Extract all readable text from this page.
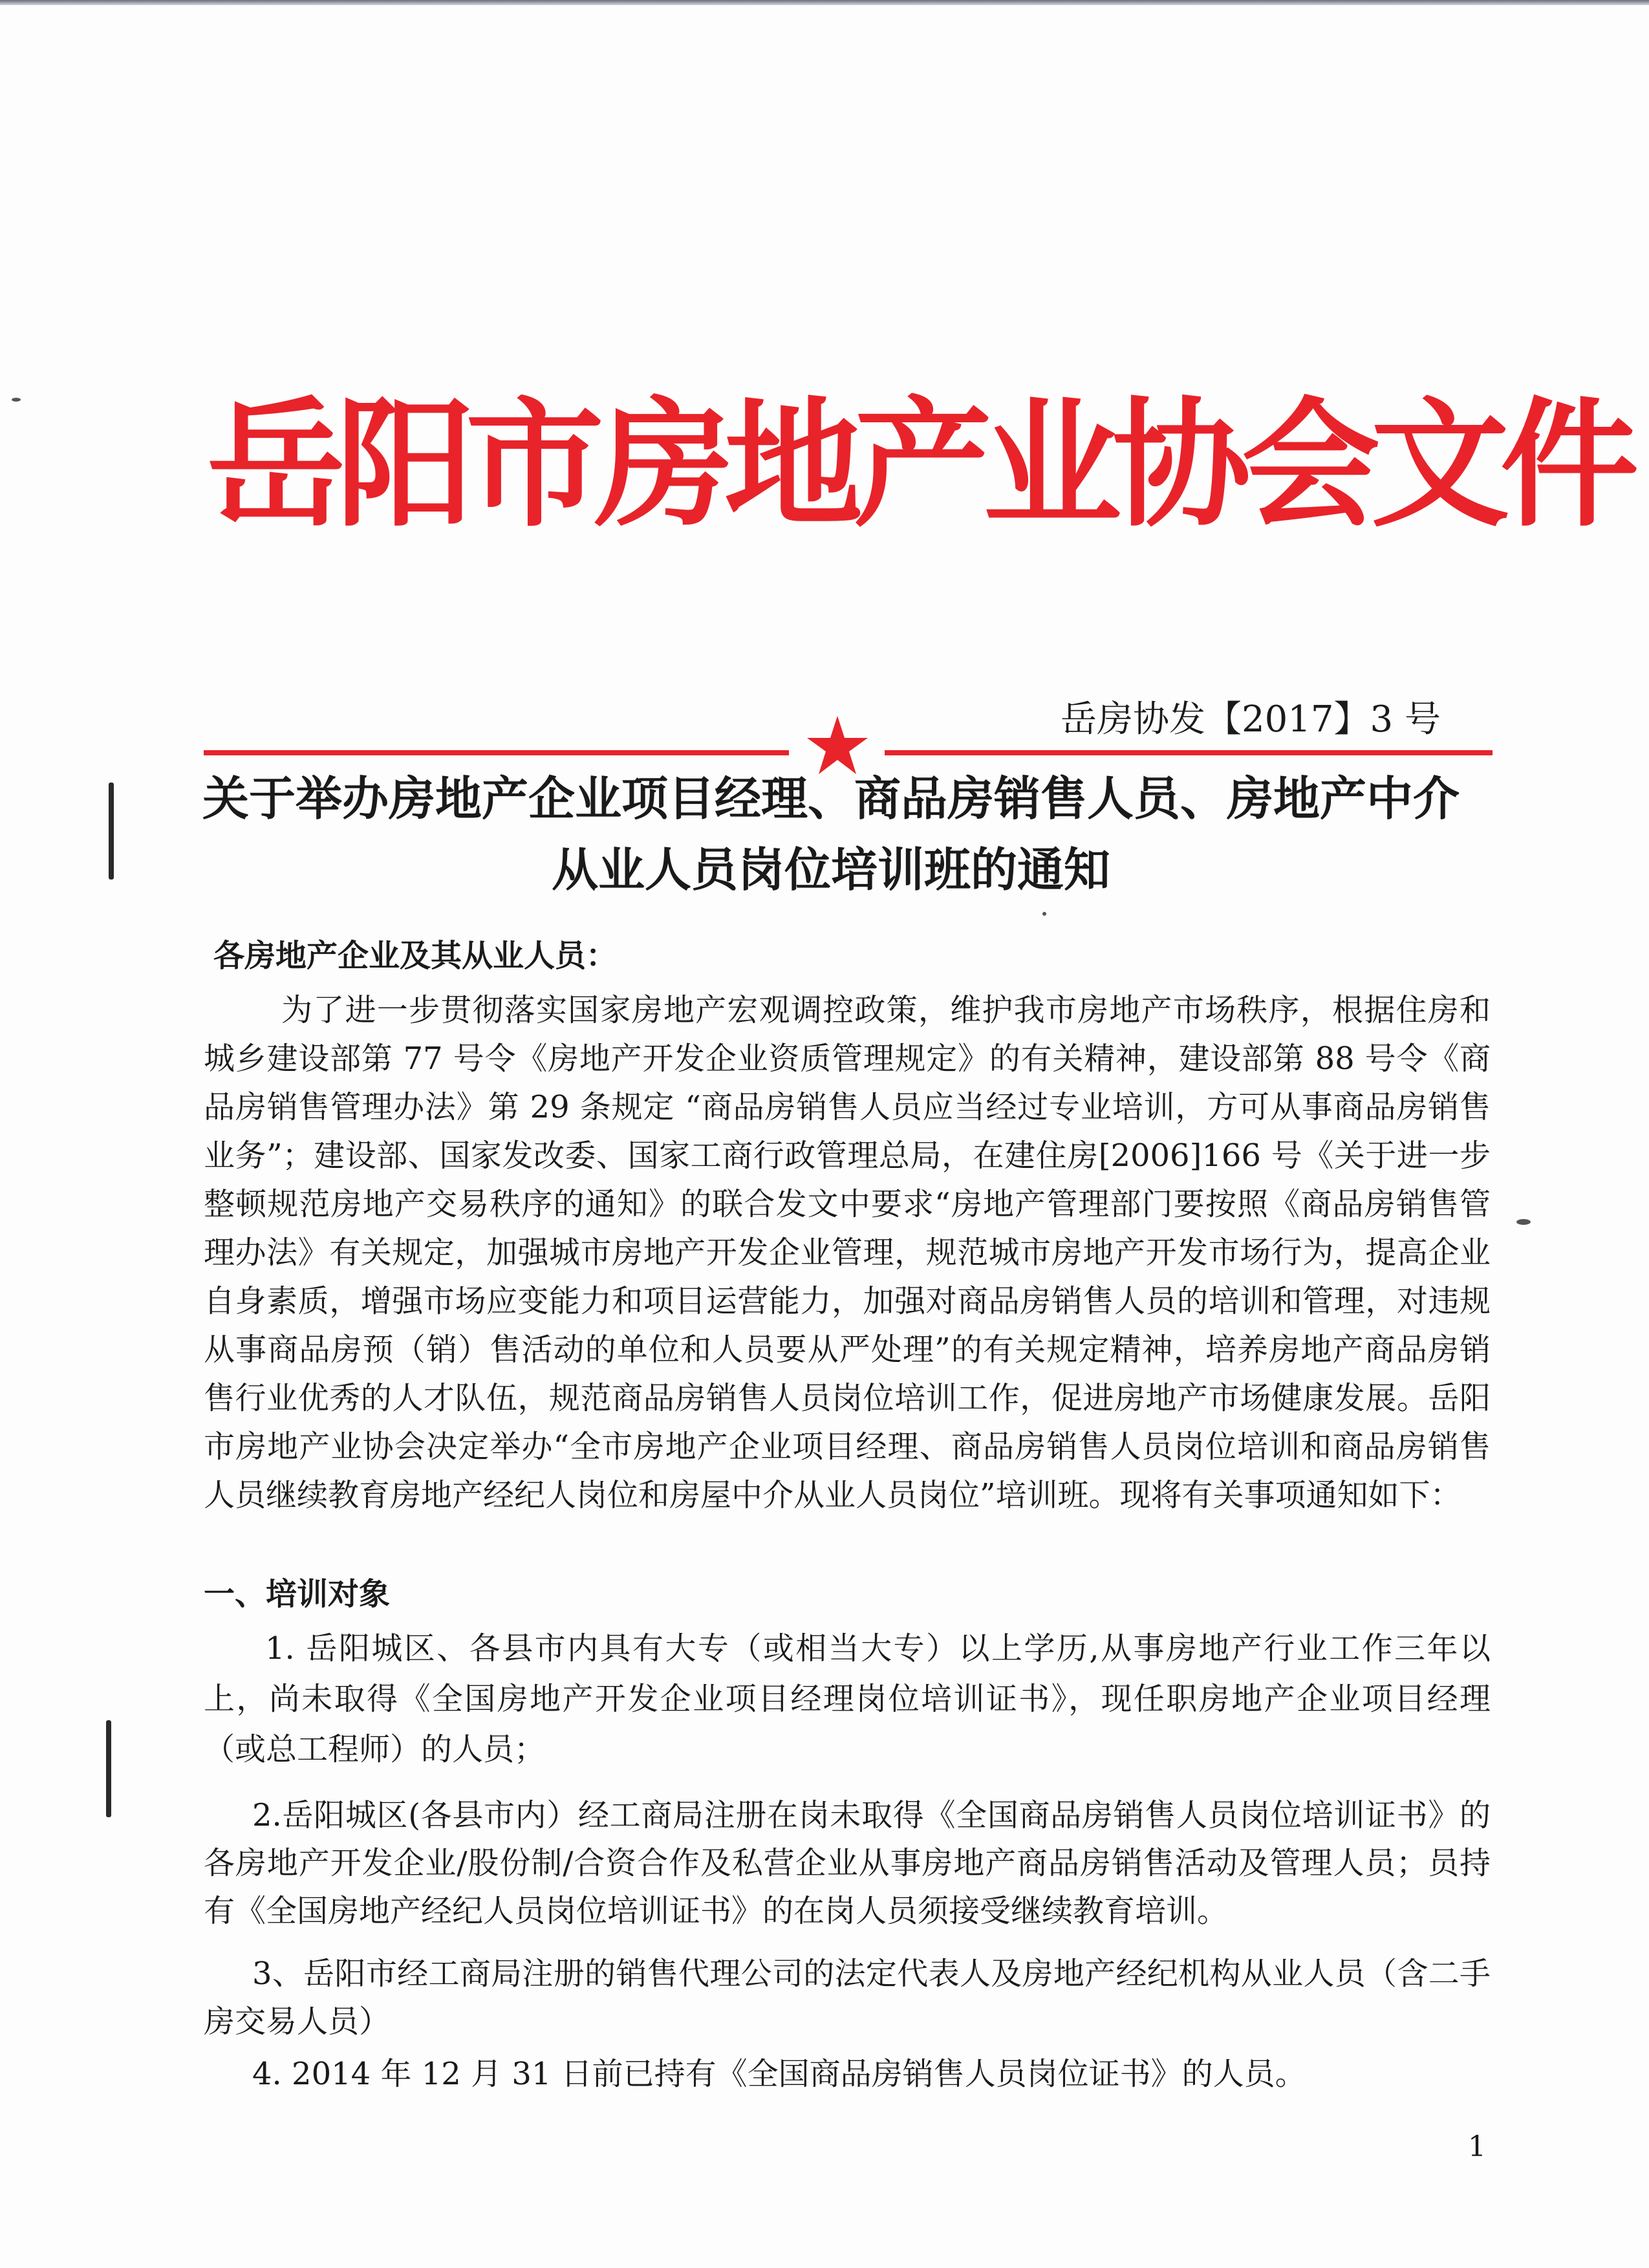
岳阳市房地产业协会文件
岳房协发【2017】3 号
关于举办房地产企业项目经理、商品房销售人员、房地产中介
从业人员岗位培训班的通知
各房地产企业及其从业人员：
为了进一步贯彻落实国家房地产宏观调控政策，维护我市房地产市场秩序，根据住房和城乡建设部第 77 号令《房地产开发企业资质管理规定》的有关精神，建设部第 88 号令《商品房销售管理办法》第 29 条规定 “商品房销售人员应当经过专业培训，方可从事商品房销售业务”；建设部、国家发改委、国家工商行政管理总局，在建住房[2006]166 号《关于进一步整顿规范房地产交易秩序的通知》的联合发文中要求“房地产管理部门要按照《商品房销售管理办法》有关规定，加强城市房地产开发企业管理，规范城市房地产开发市场行为，提高企业自身素质，增强市场应变能力和项目运营能力，加强对商品房销售人员的培训和管理，对违规从事商品房预（销）售活动的单位和人员要从严处理”的有关规定精神，培养房地产商品房销售行业优秀的人才队伍，规范商品房销售人员岗位培训工作，促进房地产市场健康发展。岳阳市房地产业协会决定举办“全市房地产企业项目经理、商品房销售人员岗位培训和商品房销售人员继续教育房地产经纪人岗位和房屋中介从业人员岗位”培训班。现将有关事项通知如下：
一、培训对象
1. 岳阳城区、各县市内具有大专（或相当大专）以上学历,从事房地产行业工作三年以上，尚未取得《全国房地产开发企业项目经理岗位培训证书》，现任职房地产企业项目经理（或总工程师）的人员；
2.岳阳城区(各县市内）经工商局注册在岗未取得《全国商品房销售人员岗位培训证书》的各房地产开发企业/股份制/合资合作及私营企业从事房地产商品房销售活动及管理人员；员持有《全国房地产经纪人员岗位培训证书》的在岗人员须接受继续教育培训。
3、岳阳市经工商局注册的销售代理公司的法定代表人及房地产经纪机构从业人员（含二手房交易人员）
4. 2014 年 12 月 31 日前已持有《全国商品房销售人员岗位证书》的人员。
1
